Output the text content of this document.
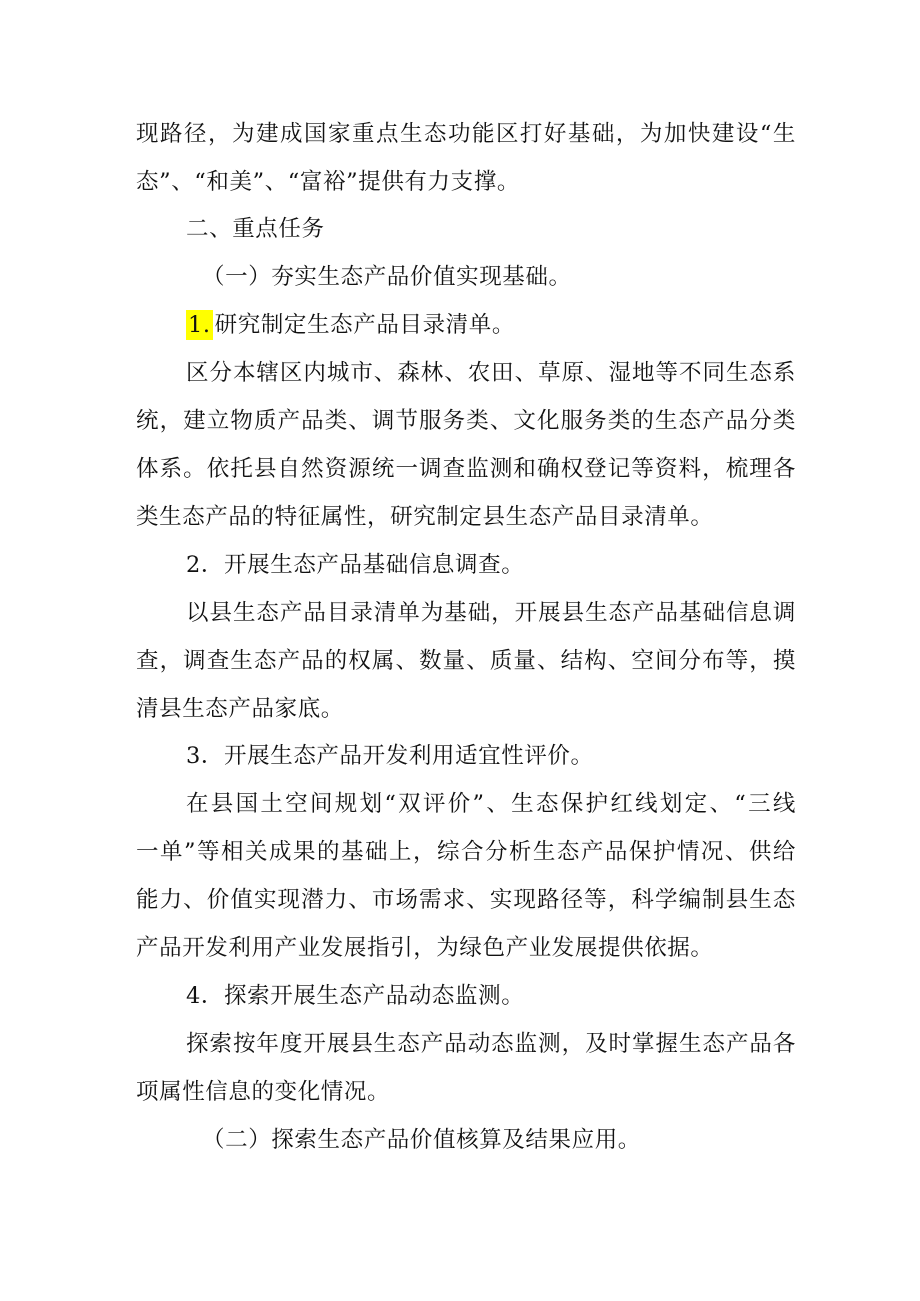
现路径，为建成国家重点生态功能区打好基础，为加快建设“生
态”、“和美”、“富裕”提供有力支撑。
二、重点任务
（一）夯实生态产品价值实现基础。
1. 研究制定生态产品目录清单。
区分本辖区内城市、森林、农田、草原、湿地等不同生态系
统，建立物质产品类、调节服务类、文化服务类的生态产品分类
体系。依托县自然资源统一调查监测和确权登记等资料，梳理各
类生态产品的特征属性，研究制定县生态产品目录清单。
2．开展生态产品基础信息调查。
以县生态产品目录清单为基础，开展县生态产品基础信息调
查，调查生态产品的权属、数量、质量、结构、空间分布等，摸
清县生态产品家底。
3．开展生态产品开发利用适宜性评价。
在县国土空间规划“双评价”、生态保护红线划定、“三线
一单”等相关成果的基础上，综合分析生态产品保护情况、供给
能力、价值实现潜力、市场需求、实现路径等，科学编制县生态
产品开发利用产业发展指引，为绿色产业发展提供依据。
4．探索开展生态产品动态监测。
探索按年度开展县生态产品动态监测，及时掌握生态产品各
项属性信息的变化情况。
（二）探索生态产品价值核算及结果应用。
